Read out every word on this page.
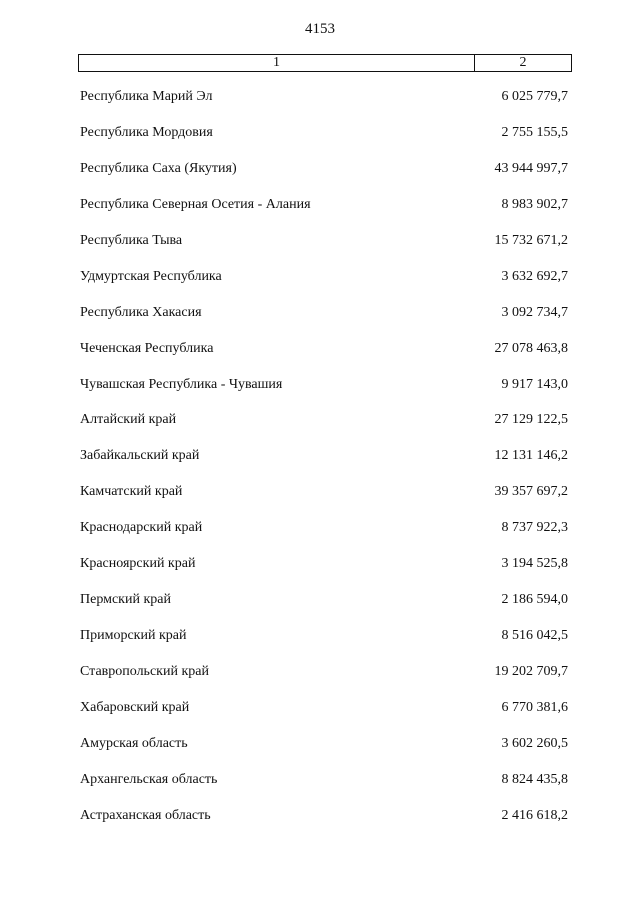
4153
1	2
Республика Марий Эл	6 025 779,7
Республика Мордовия	2 755 155,5
Республика Саха (Якутия)	43 944 997,7
Республика Северная Осетия - Алания	8 983 902,7
Республика Тыва	15 732 671,2
Удмуртская Республика	3 632 692,7
Республика Хакасия	3 092 734,7
Чеченская Республика	27 078 463,8
Чувашская Республика - Чувашия	9 917 143,0
Алтайский край	27 129 122,5
Забайкальский край	12 131 146,2
Камчатский край	39 357 697,2
Краснодарский край	8 737 922,3
Красноярский край	3 194 525,8
Пермский край	2 186 594,0
Приморский край	8 516 042,5
Ставропольский край	19 202 709,7
Хабаровский край	6 770 381,6
Амурская область	3 602 260,5
Архангельская область	8 824 435,8
Астраханская область	2 416 618,2
